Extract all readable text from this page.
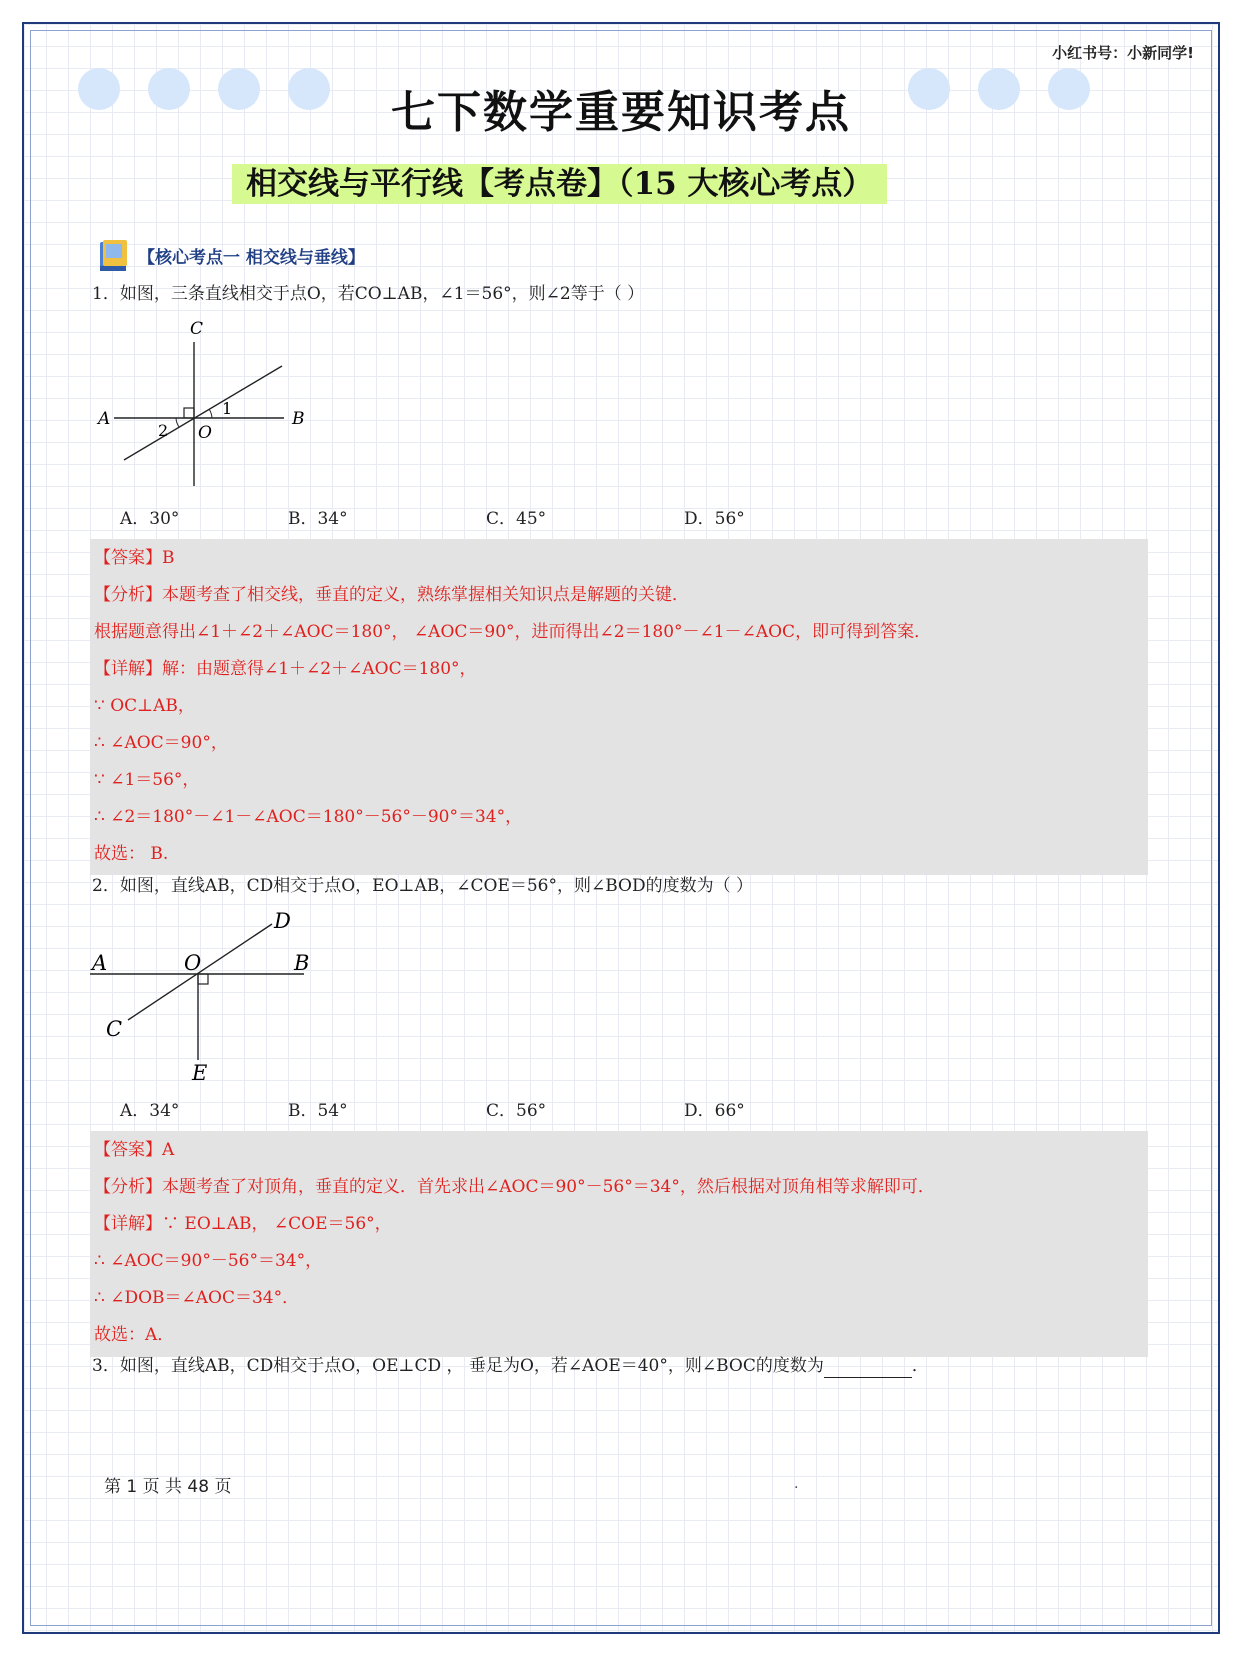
小红书号：小新同学!
七下数学重要知识考点
相交线与平行线【考点卷】（15 大核心考点）
【核心考点一 相交线与垂线】
1．如图，三条直线相交于点O，若CO⊥AB，∠1＝56°，则∠2等于（ ）
C
A	B
O
1
2
A．30°	B．34°	C．45°	D．56°
【答案】B
【分析】本题考查了相交线，垂直的定义，熟练掌握相关知识点是解题的关键．
根据题意得出∠1＋∠2＋∠AOC＝180°， ∠AOC＝90°，进而得出∠2＝180°－∠1－∠AOC，即可得到答案．
【详解】解：由题意得∠1＋∠2＋∠AOC＝180°，
∵ OC⊥AB，
∴ ∠AOC＝90°，
∵ ∠1＝56°，
∴ ∠2＝180°－∠1－∠AOC＝180°－56°－90°＝34°，
故选： B.
2．如图，直线AB，CD相交于点O，EO⊥AB，∠COE＝56°，则∠BOD的度数为（ ）
A	O	B
D
C
E
A．34°	B．54°	C．56°	D．66°
【答案】A
【分析】本题考查了对顶角，垂直的定义．首先求出∠AOC＝90°－56°＝34°，然后根据对顶角相等求解即可．
【详解】∵ EO⊥AB， ∠COE＝56°，
∴ ∠AOC＝90°－56°＝34°，
∴ ∠DOB＝∠AOC＝34°．
故选：A．
3．如图，直线AB，CD相交于点O，OE⊥CD ， 垂足为O，若∠AOE＝40°，则∠BOC的度数为	．
第 1 页 共 48 页	.
